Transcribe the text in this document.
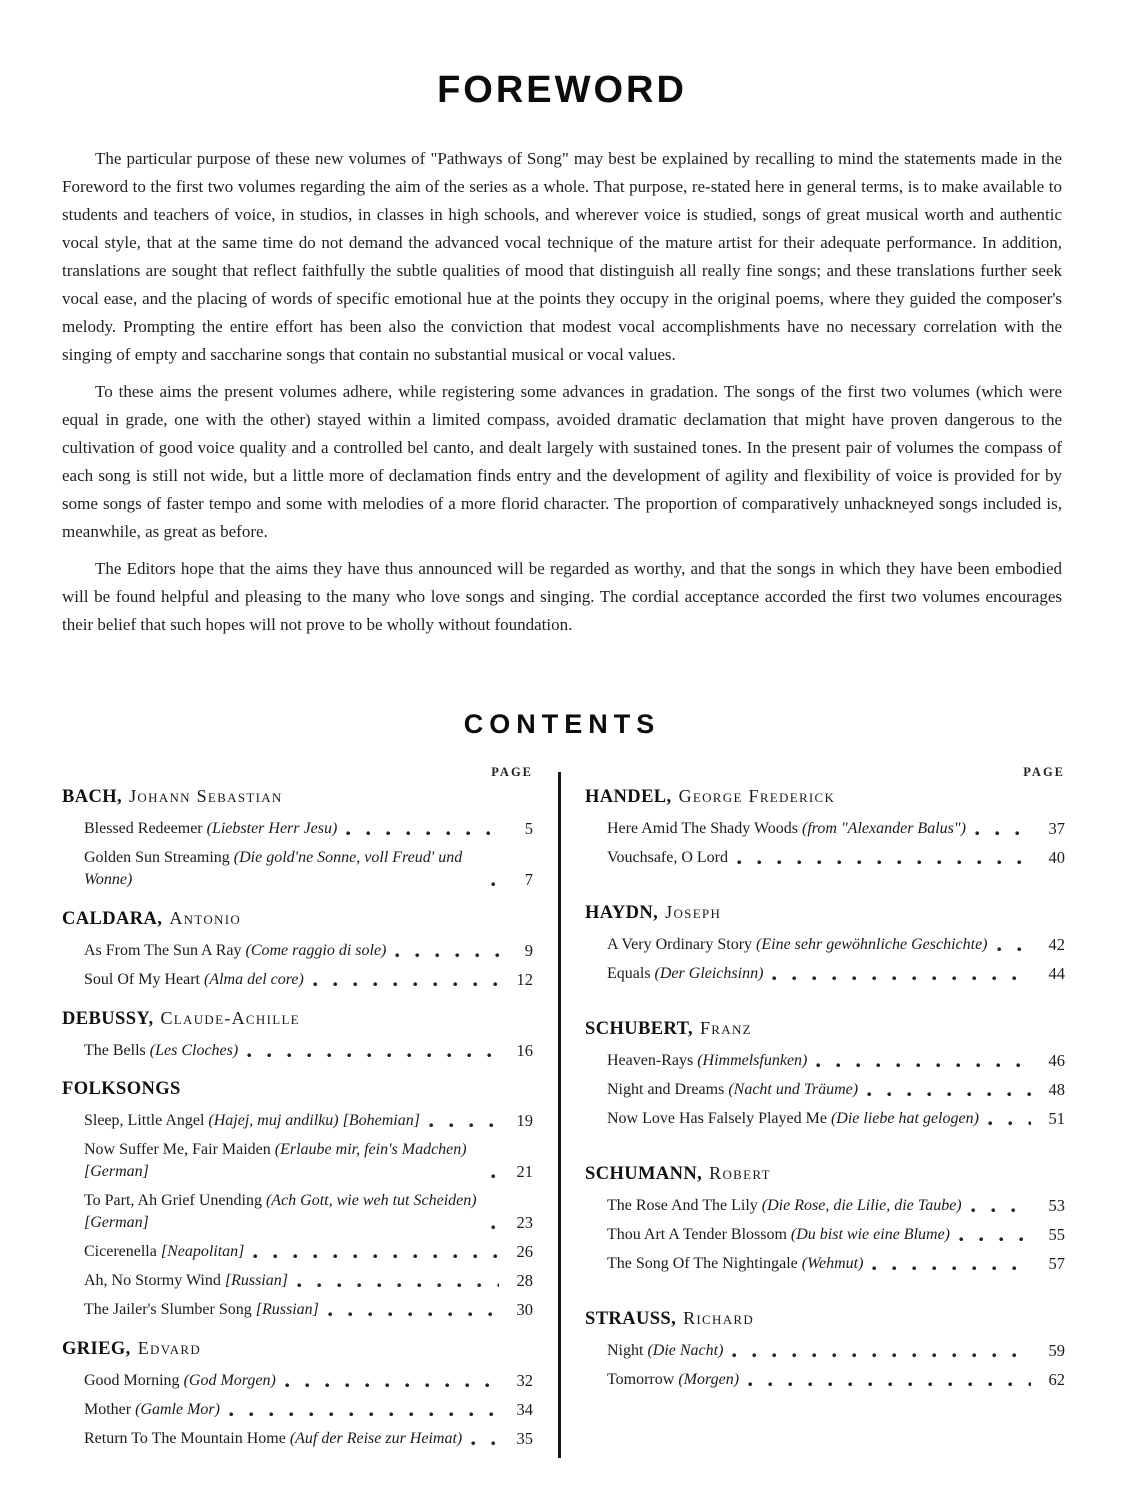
FOREWORD

The particular purpose of these new volumes of "Pathways of Song" may best be explained by recalling to mind the statements made in the Foreword to the first two volumes regarding the aim of the series as a whole. That purpose, re-stated here in general terms, is to make available to students and teachers of voice, in studios, in classes in high schools, and wherever voice is studied, songs of great musical worth and authentic vocal style, that at the same time do not demand the advanced vocal technique of the mature artist for their adequate performance. In addition, translations are sought that reflect faithfully the subtle qualities of mood that distinguish all really fine songs; and these translations further seek vocal ease, and the placing of words of specific emotional hue at the points they occupy in the original poems, where they guided the composer's melody. Prompting the entire effort has been also the conviction that modest vocal accomplishments have no necessary correlation with the singing of empty and saccharine songs that contain no substantial musical or vocal values.

To these aims the present volumes adhere, while registering some advances in gradation. The songs of the first two volumes (which were equal in grade, one with the other) stayed within a limited compass, avoided dramatic declamation that might have proven dangerous to the cultivation of good voice quality and a controlled bel canto, and dealt largely with sustained tones. In the present pair of volumes the compass of each song is still not wide, but a little more of declamation finds entry and the development of agility and flexibility of voice is provided for by some songs of faster tempo and some with melodies of a more florid character. The proportion of comparatively unhackneyed songs included is, meanwhile, as great as before.

The Editors hope that the aims they have thus announced will be regarded as worthy, and that the songs in which they have been embodied will be found helpful and pleasing to the many who love songs and singing. The cordial acceptance accorded the first two volumes encourages their belief that such hopes will not prove to be wholly without foundation.

CONTENTS
PAGE
BACH, Johann Sebastian
Blessed Redeemer (Liebster Herr Jesu)	5
Golden Sun Streaming (Die gold'ne Sonne, voll Freud' und Wonne)	7
CALDARA, Antonio
As From The Sun A Ray (Come raggio di sole)	9
Soul Of My Heart (Alma del core)	12
DEBUSSY, Claude-Achille
The Bells (Les Cloches)	16
FOLKSONGS
Sleep, Little Angel (Hajej, muj andilku) [Bohemian]	19
Now Suffer Me, Fair Maiden (Erlaube mir, fein's Madchen) [German]	21
To Part, Ah Grief Unending (Ach Gott, wie weh tut Scheiden) [German]	23
Cicerenella [Neapolitan]	26
Ah, No Stormy Wind [Russian]	28
The Jailer's Slumber Song [Russian]	30
GRIEG, Edvard
Good Morning (God Morgen)	32
Mother (Gamle Mor)	34
Return To The Mountain Home (Auf der Reise zur Heimat)	35
PAGE
HANDEL, George Frederick
Here Amid The Shady Woods (from "Alexander Balus")	37
Vouchsafe, O Lord	40
HAYDN, Joseph
A Very Ordinary Story (Eine sehr gewöhnliche Geschichte)	42
Equals (Der Gleichsinn)	44
SCHUBERT, Franz
Heaven-Rays (Himmelsfunken)	46
Night and Dreams (Nacht und Träume)	48
Now Love Has Falsely Played Me (Die liebe hat gelogen)	51
SCHUMANN, Robert
The Rose And The Lily (Die Rose, die Lilie, die Taube)	53
Thou Art A Tender Blossom (Du bist wie eine Blume)	55
The Song Of The Nightingale (Wehmut)	57
STRAUSS, Richard
Night (Die Nacht)	59
Tomorrow (Morgen)	62
